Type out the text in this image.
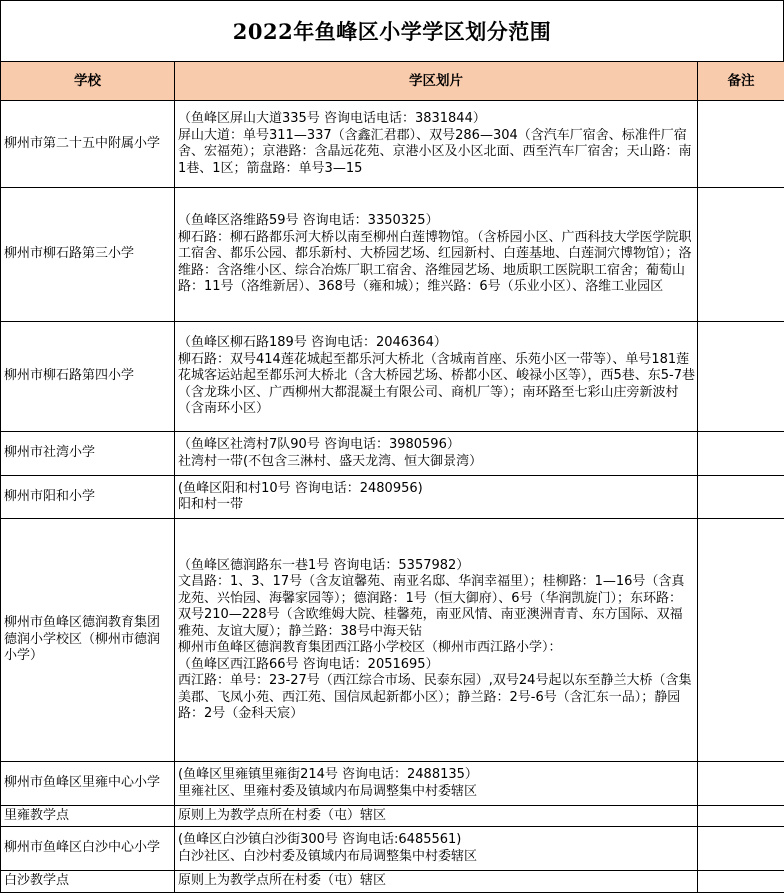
2022年鱼峰区小学学区划分范围
学校	学区划片	备注
柳州市第二十五中附属小学	（鱼峰区屏山大道335号 咨询电话电话：3831844）
屏山大道：单号311—337（含鑫汇君郡）、双号286—304（含汽车厂宿舍、标准件厂宿舍、宏福苑）；京港路：含晶远花苑、京港小区及小区北面、西至汽车厂宿舍；天山路：南1巷、1区；箭盘路：单号3—15	

柳州市柳石路第三小学	（鱼峰区洛维路59号 咨询电话：3350325）
柳石路：柳石路都乐河大桥以南至柳州白莲博物馆。（含桥园小区、广西科技大学医学院职工宿舍、都乐公园、都乐新村、大桥园艺场、红园新村、白莲基地、白莲洞穴博物馆）；洛维路：含洛维小区、综合冶炼厂职工宿舍、洛维园艺场、地质职工医院职工宿舍；葡萄山路：11号（洛维新居）、368号（雍和城）；维兴路：6号（乐业小区）、洛维工业园区	

柳州市柳石路第四小学	（鱼峰区柳石路189号 咨询电话：2046364）
柳石路：双号414莲花城起至都乐河大桥北（含城南首座、乐苑小区一带等）、单号181莲花城客运站起至都乐河大桥北（含大桥园艺场、桥都小区、峻禄小区等），西5巷、东5-7巷（含龙珠小区、广西柳州大都混凝土有限公司、商机厂等）；南环路至七彩山庄旁新波村（含南环小区）	

柳州市社湾小学	（鱼峰区社湾村7队90号 咨询电话：3980596）
社湾村一带(不包含三淋村、盛天龙湾、恒大御景湾）	

柳州市阳和小学	(鱼峰区阳和村10号 咨询电话：2480956)
阳和村一带	

柳州市鱼峰区德润教育集团德润小学校区（柳州市德润小学）	（鱼峰区德润路东一巷1号 咨询电话：5357982）
文昌路：1、3、17号（含友谊馨苑、南亚名邸、华润幸福里）；桂柳路：1—16号（含真龙苑、兴怡园、海馨家园等）；德润路：1号（恒大御府）、6号（华润凯旋门）；东环路：双号210—228号（含欧维姆大院、桂馨苑，南亚风情、南亚澳洲青青、东方国际、双福雅苑、友谊大厦）；静兰路：38号中海天钻
柳州市鱼峰区德润教育集团西江路小学校区（柳州市西江路小学）：
（鱼峰区西江路66号 咨询电话：2051695）
西江路：单号：23-27号（西江综合市场、民泰东园）,双号24号起以东至静兰大桥（含集美郡、飞凤小苑、西江苑、国信凤起新都小区）；静兰路：2号-6号（含汇东一品）；静园路：2号（金科天宸）	

柳州市鱼峰区里雍中心小学	(鱼峰区里雍镇里雍街214号 咨询电话：2488135）
里雍社区、里雍村委及镇域内布局调整集中村委辖区	

里雍教学点	原则上为教学点所在村委（屯）辖区	

柳州市鱼峰区白沙中心小学	(鱼峰区白沙镇白沙街300号 咨询电话:6485561)
白沙社区、白沙村委及镇域内布局调整集中村委辖区	

白沙教学点	原则上为教学点所在村委（屯）辖区	
